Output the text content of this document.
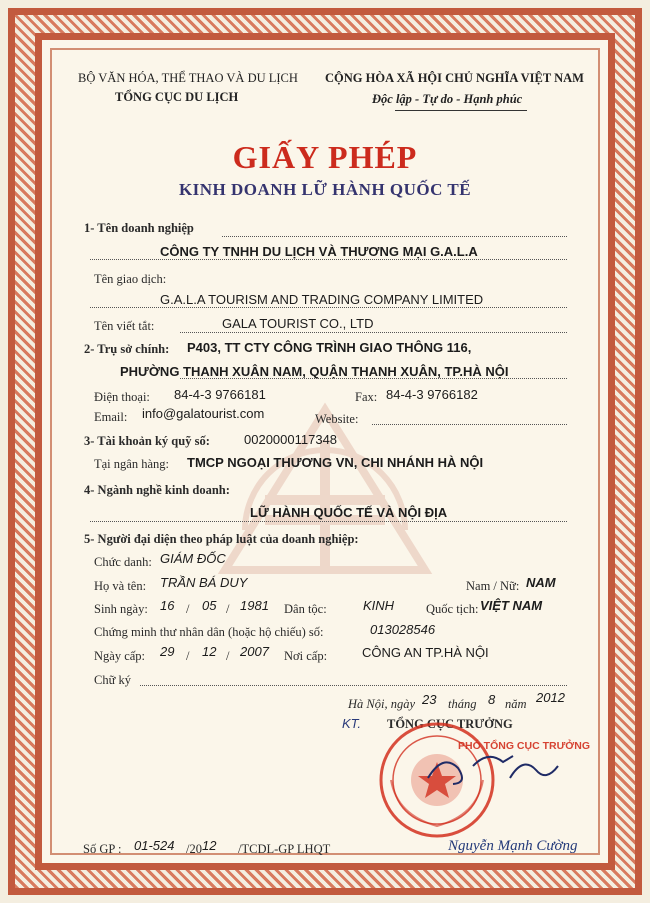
BỘ VĂN HÓA, THỂ THAO VÀ DU LỊCH
TỔNG CỤC DU LỊCH
CỘNG HÒA XÃ HỘI CHỦ NGHĨA VIỆT NAM
Độc lập - Tự do - Hạnh phúc
GIẤY PHÉP
KINH DOANH LỮ HÀNH QUỐC TẾ
1- Tên doanh nghiệp
CÔNG TY TNHH DU LỊCH VÀ THƯƠNG MẠI G.A.L.A
Tên giao dịch:
G.A.L.A TOURISM AND TRADING COMPANY LIMITED
Tên viết tắt:	GALA TOURIST CO., LTD
2- Trụ sở chính: P403, TT CTY CÔNG TRÌNH GIAO THÔNG 116,
PHƯỜNG THANH XUÂN NAM, QUẬN THANH XUÂN, TP.HÀ NỘI
Điện thoại: 84-4-3 9766181	Fax: 84-4-3 9766182
Email: info@galatourist.com	Website:
3- Tài khoản ký quỹ số:	0020000117348
Tại ngân hàng: TMCP NGOẠI THƯƠNG VN, CHI NHÁNH HÀ NỘI
4- Ngành nghề kinh doanh:
LỮ HÀNH QUỐC TẾ VÀ NỘI ĐỊA
5- Người đại diện theo pháp luật của doanh nghiệp:
Chức danh: GIÁM ĐỐC
Họ và tên: TRẦN BÁ DUY	Nam / Nữ: NAM
Sinh ngày: 16 / 05 / 1981 Dân tộc:	KINH	Quốc tịch: VIỆT NAM
Chứng minh thư nhân dân (hoặc hộ chiếu) số:	013028546
Ngày cấp: 29 / 12 / 2007 Nơi cấp:	CÔNG AN TP.HÀ NỘI
Chữ ký
Hà Nội, ngày 23 tháng 8 năm 2012
KT. TỔNG CỤC TRƯỞNG
PHÓ TỔNG CỤC TRƯỞNG
Nguyễn Mạnh Cường
Số GP : 01-524 /20 12 /TCDL-GP LHQT
